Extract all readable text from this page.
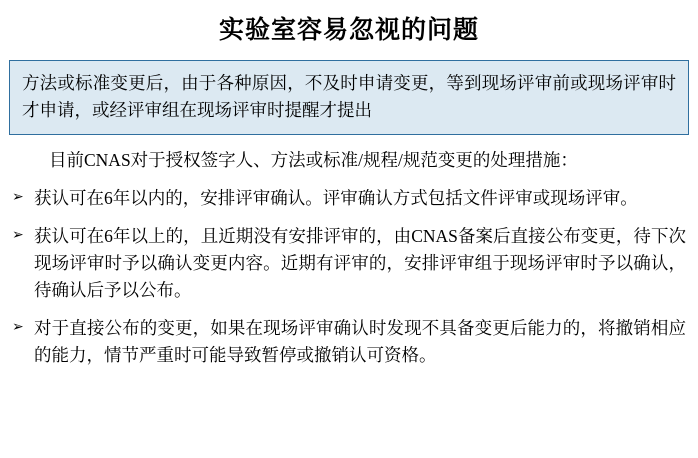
实验室容易忽视的问题

方法或标准变更后，由于各种原因，不及时申请变更，等到现场评审前或现场评审时才申请，或经评审组在现场评审时提醒才提出

目前CNAS对于授权签字人、方法或标准/规程/规范变更的处理措施：
➢ 获认可在6年以内的，安排评审确认。评审确认方式包括文件评审或现场评审。
➢ 获认可在6年以上的，且近期没有安排评审的，由CNAS备案后直接公布变更，待下次现场评审时予以确认变更内容。近期有评审的，安排评审组于现场评审时予以确认，待确认后予以公布。
➢ 对于直接公布的变更，如果在现场评审确认时发现不具备变更后能力的，将撤销相应的能力，情节严重时可能导致暂停或撤销认可资格。
